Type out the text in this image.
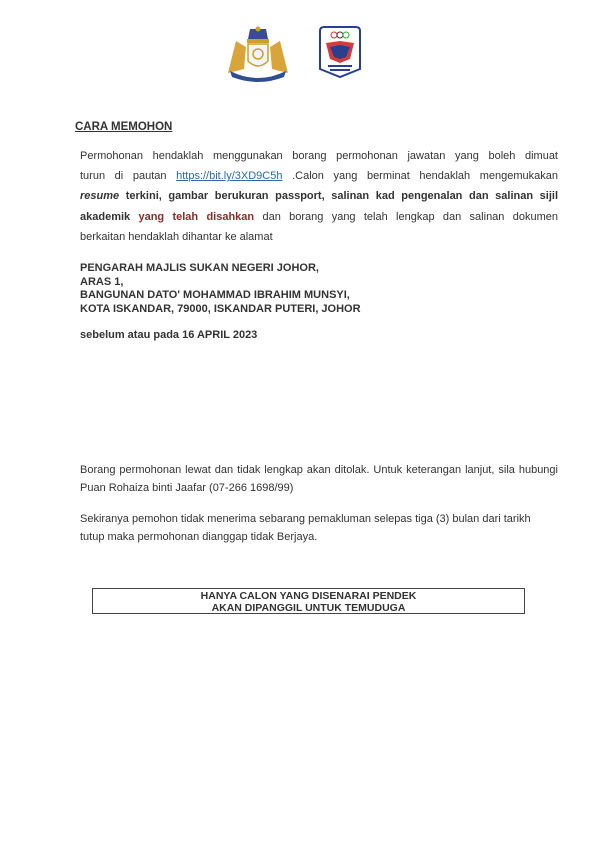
CARA MEMOHON
Permohonan hendaklah menggunakan borang permohonan jawatan yang boleh dimuat
turun di pautan https://bit.ly/3XD9C5h .Calon yang berminat hendaklah mengemukakan
resume terkini, gambar berukuran passport, salinan kad pengenalan dan salinan sijil
akademik yang telah disahkan dan borang yang telah lengkap dan salinan dokumen
berkaitan hendaklah dihantar ke alamat
PENGARAH MAJLIS SUKAN NEGERI JOHOR,
ARAS 1,
BANGUNAN DATO' MOHAMMAD IBRAHIM MUNSYI,
KOTA ISKANDAR, 79000, ISKANDAR PUTERI, JOHOR
sebelum atau pada 16 APRIL 2023
Borang permohonan lewat dan tidak lengkap akan ditolak. Untuk keterangan lanjut, sila hubungi Puan Rohaiza binti Jaafar (07-266 1698/99)
Sekiranya pemohon tidak menerima sebarang pemakluman selepas tiga (3) bulan dari tarikh tutup maka permohonan dianggap tidak Berjaya.
HANYA CALON YANG DISENARAI PENDEK
AKAN DIPANGGIL UNTUK TEMUDUGA
